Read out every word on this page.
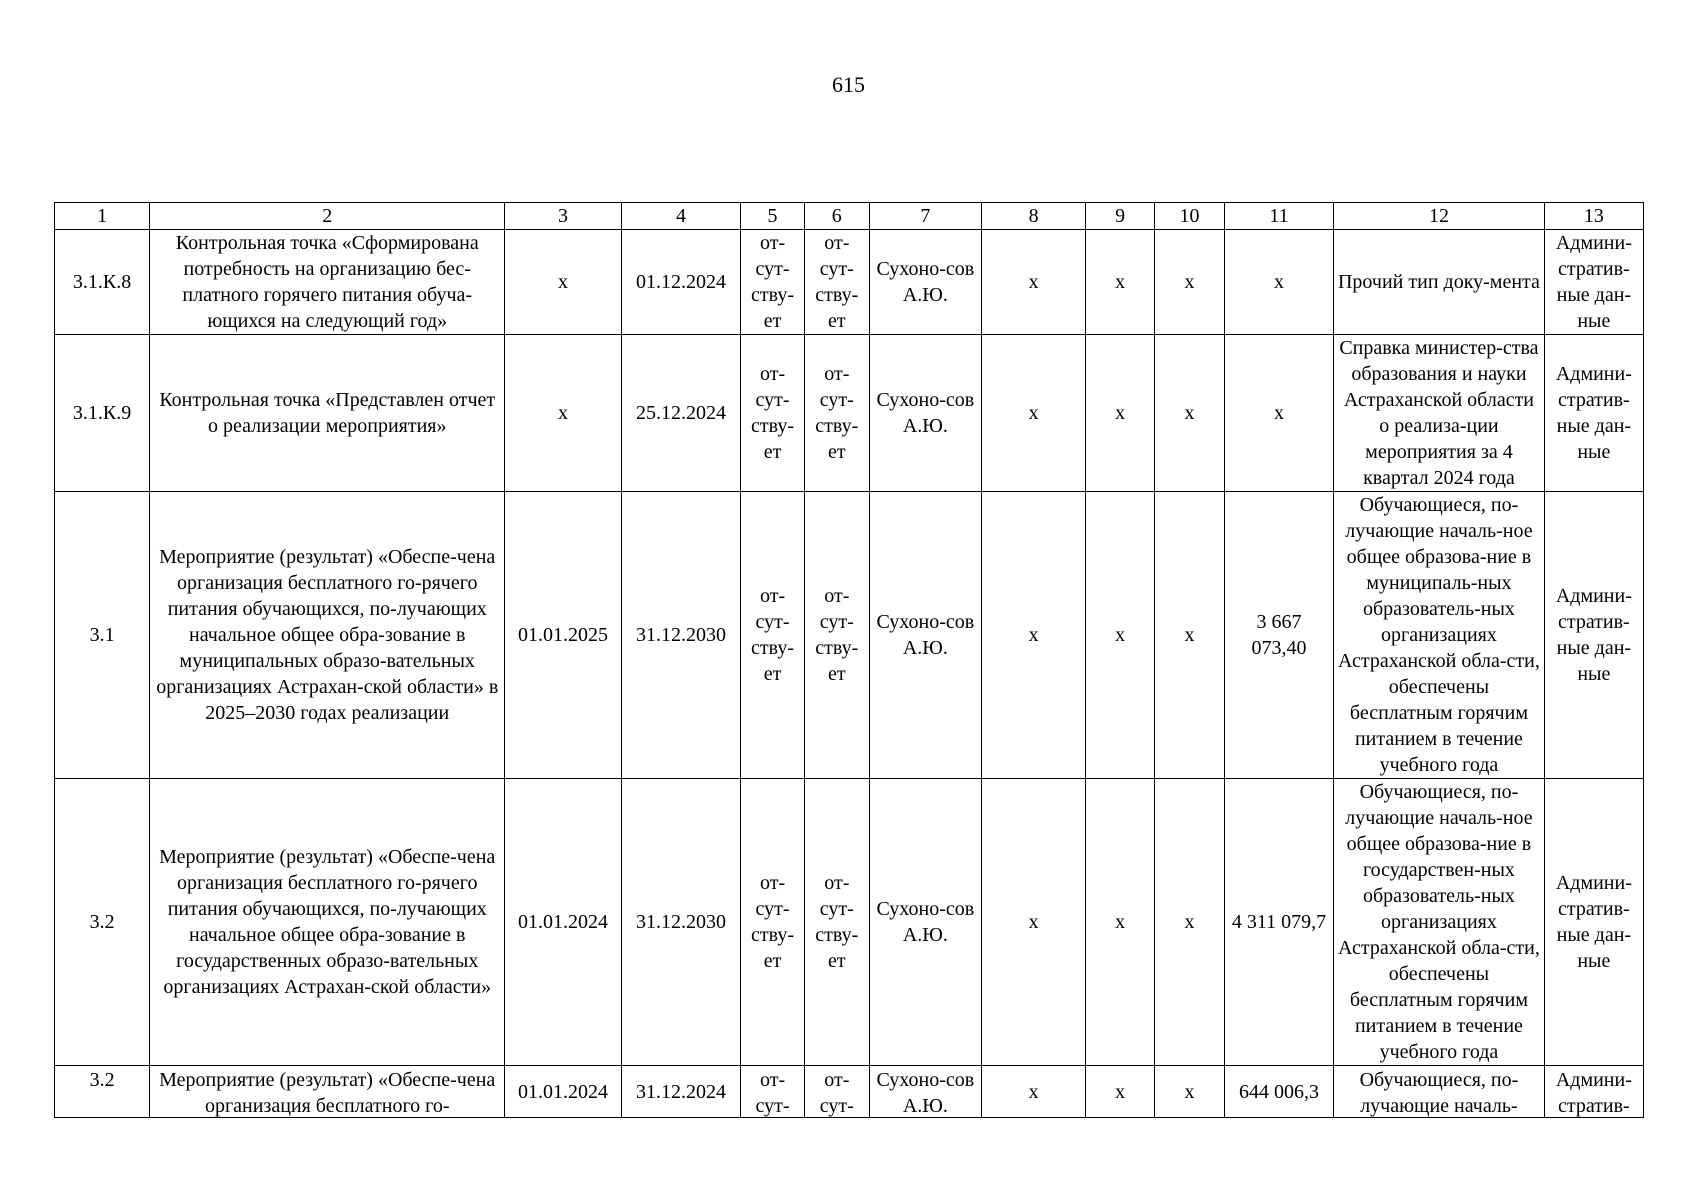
615
1	2	3	4	5	6	7	8	9	10	11	12	13
3.1.К.8	Контрольная точка «Сформирована потребность на организацию бес-платного горячего питания обуча-ющихся на следующий год»	х	01.12.2024	от-сут-ству-ет	от-сут-ству-ет	Сухоно-сов А.Ю.	х	х	х	х	Прочий тип доку-мента	Админи-стратив-ные дан-ные
3.1.К.9	Контрольная точка «Представлен отчет о реализации мероприятия»	х	25.12.2024	от-сут-ству-ет	от-сут-ству-ет	Сухоно-сов А.Ю.	х	х	х	х	Справка министер-ства образования и науки Астраханской области о реализа-ции мероприятия за 4 квартал 2024 года	Админи-стратив-ные дан-ные
3.1	Мероприятие (результат) «Обеспе-чена организация бесплатного го-рячего питания обучающихся, по-лучающих начальное общее обра-зование в муниципальных образо-вательных организациях Астрахан-ской области» в 2025–2030 годах реализации	01.01.2025	31.12.2030	от-сут-ству-ет	от-сут-ству-ет	Сухоно-сов А.Ю.	х	х	х	3 667 073,40	Обучающиеся, по-лучающие началь-ное общее образова-ние в муниципаль-ных образователь-ных организациях Астраханской обла-сти, обеспечены бесплатным горячим питанием в течение учебного года	Админи-стратив-ные дан-ные
3.2	Мероприятие (результат) «Обеспе-чена организация бесплатного го-рячего питания обучающихся, по-лучающих начальное общее обра-зование в государственных образо-вательных организациях Астрахан-ской области»	01.01.2024	31.12.2030	от-сут-ству-ет	от-сут-ству-ет	Сухоно-сов А.Ю.	х	х	х	4 311 079,7	Обучающиеся, по-лучающие началь-ное общее образова-ние в государствен-ных образователь-ных организациях Астраханской обла-сти, обеспечены бесплатным горячим питанием в течение учебного года	Админи-стратив-ные дан-ные

3.2	Мероприятие (результат) «Обеспе-чена организация бесплатного го-	01.01.2024	31.12.2024	от-сут-	от-сут-	Сухоно-сов А.Ю.	х	х	х	644 006,3	Обучающиеся, по-лучающие началь-	Админи-стратив-
